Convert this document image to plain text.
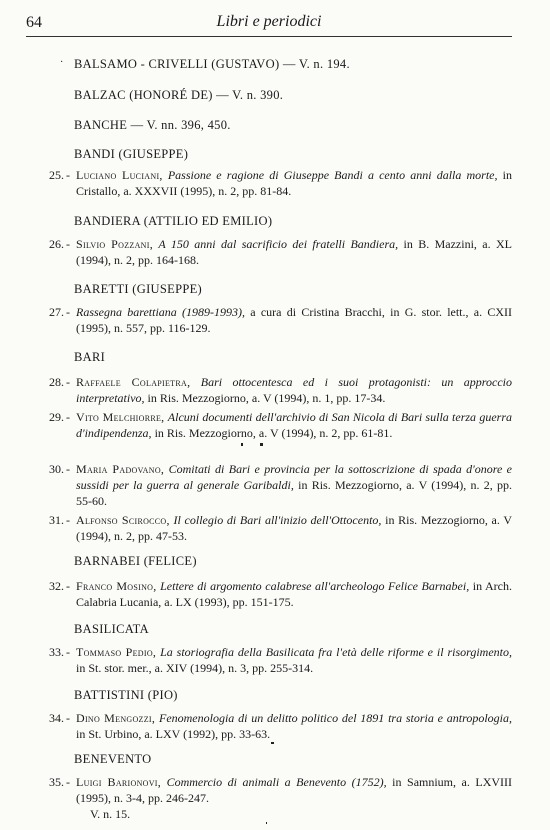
64	Libri e periodici
· BALSAMO - CRIVELLI (GUSTAVO) — V. n. 194.
BALZAC (HONORÉ DE) — V. n. 390.
BANCHE — V. nn. 396, 450.
BANDI (GIUSEPPE)
25. - Luciano Luciani, Passione e ragione di Giuseppe Bandi a cento anni dalla morte, in Cristallo, a. XXXVII (1995), n. 2, pp. 81-84.
BANDIERA (ATTILIO ED EMILIO)
26. - Silvio Pozzani, A 150 anni dal sacrificio dei fratelli Bandiera, in B. Mazzini, a. XL (1994), n. 2, pp. 164-168.
BARETTI (GIUSEPPE)
27. - Rassegna barettiana (1989-1993), a cura di Cristina Bracchi, in G. stor. lett., a. CXII (1995), n. 557, pp. 116-129.
BARI
28. - Raffaele Colapietra, Bari ottocentesca ed i suoi protagonisti: un approccio interpretativo, in Ris. Mezzogiorno, a. V (1994), n. 1, pp. 17-34.
29. - Vito Melchiorre, Alcuni documenti dell'archivio di San Nicola di Bari sulla terza guerra d'indipendenza, in Ris. Mezzogiorno, a. V (1994), n. 2, pp. 61-81.
30. - Maria Padovano, Comitati di Bari e provincia per la sottoscrizione di spada d'onore e sussidi per la guerra al generale Garibaldi, in Ris. Mezzogiorno, a. V (1994), n. 2, pp. 55-60.
31. - Alfonso Scirocco, Il collegio di Bari all'inizio dell'Ottocento, in Ris. Mezzogiorno, a. V (1994), n. 2, pp. 47-53.
BARNABEI (FELICE)
32. - Franco Mosino, Lettere di argomento calabrese all'archeologo Felice Barnabei, in Arch. Calabria Lucania, a. LX (1993), pp. 151-175.
BASILICATA
33. - Tommaso Pedio, La storiografia della Basilicata fra l'età delle riforme e il risorgimento, in St. stor. mer., a. XIV (1994), n. 3, pp. 255-314.
BATTISTINI (PIO)
34. - Dino Mengozzi, Fenomenologia di un delitto politico del 1891 tra storia e antropologia, in St. Urbino, a. LXV (1992), pp. 33-63.
BENEVENTO
35. - Luigi Barionovi, Commercio di animali a Benevento (1752), in Samnium, a. LXVIII (1995), n. 3-4, pp. 246-247.
V. n. 15.
